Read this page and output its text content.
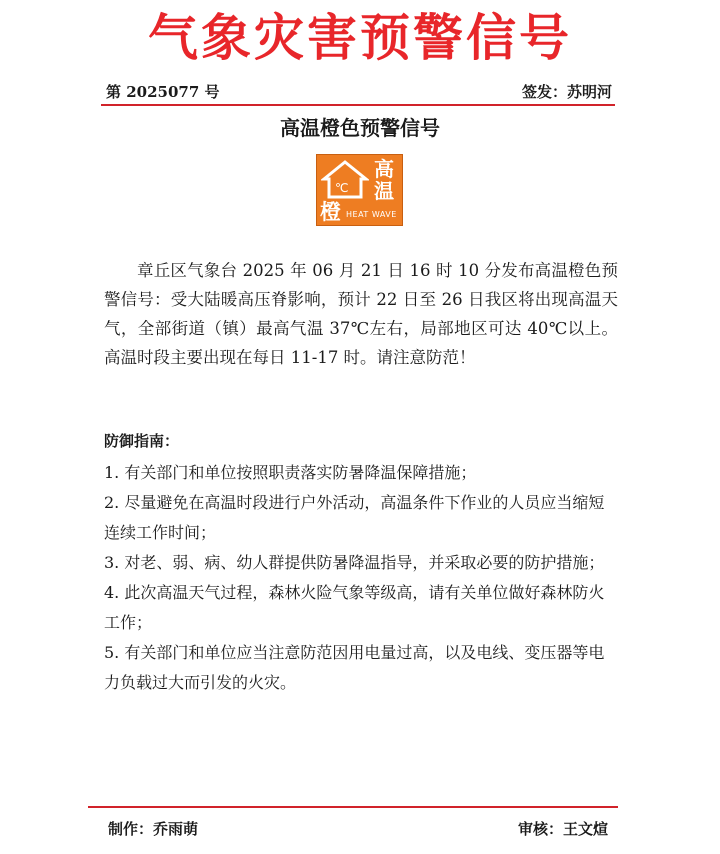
气象灾害预警信号
第 2025077 号	签发：苏明河
高温橙色预警信号
℃
高
温
橙 HEAT WAVE

章丘区气象台 2025 年 06 月 21 日 16 时 10 分发布高温橙色预警信号：受大陆暖高压脊影响，预计 22 日至 26 日我区将出现高温天气，全部街道（镇）最高气温 37℃左右，局部地区可达 40℃以上。高温时段主要出现在每日 11-17 时。请注意防范！

防御指南：

1. 有关部门和单位按照职责落实防暑降温保障措施；

2. 尽量避免在高温时段进行户外活动，高温条件下作业的人员应当缩短连续工作时间；

3. 对老、弱、病、幼人群提供防暑降温指导，并采取必要的防护措施；

4. 此次高温天气过程，森林火险气象等级高，请有关单位做好森林防火工作；

5. 有关部门和单位应当注意防范因用电量过高，以及电线、变压器等电力负载过大而引发的火灾。

制作：乔雨萌	审核：王文煊
